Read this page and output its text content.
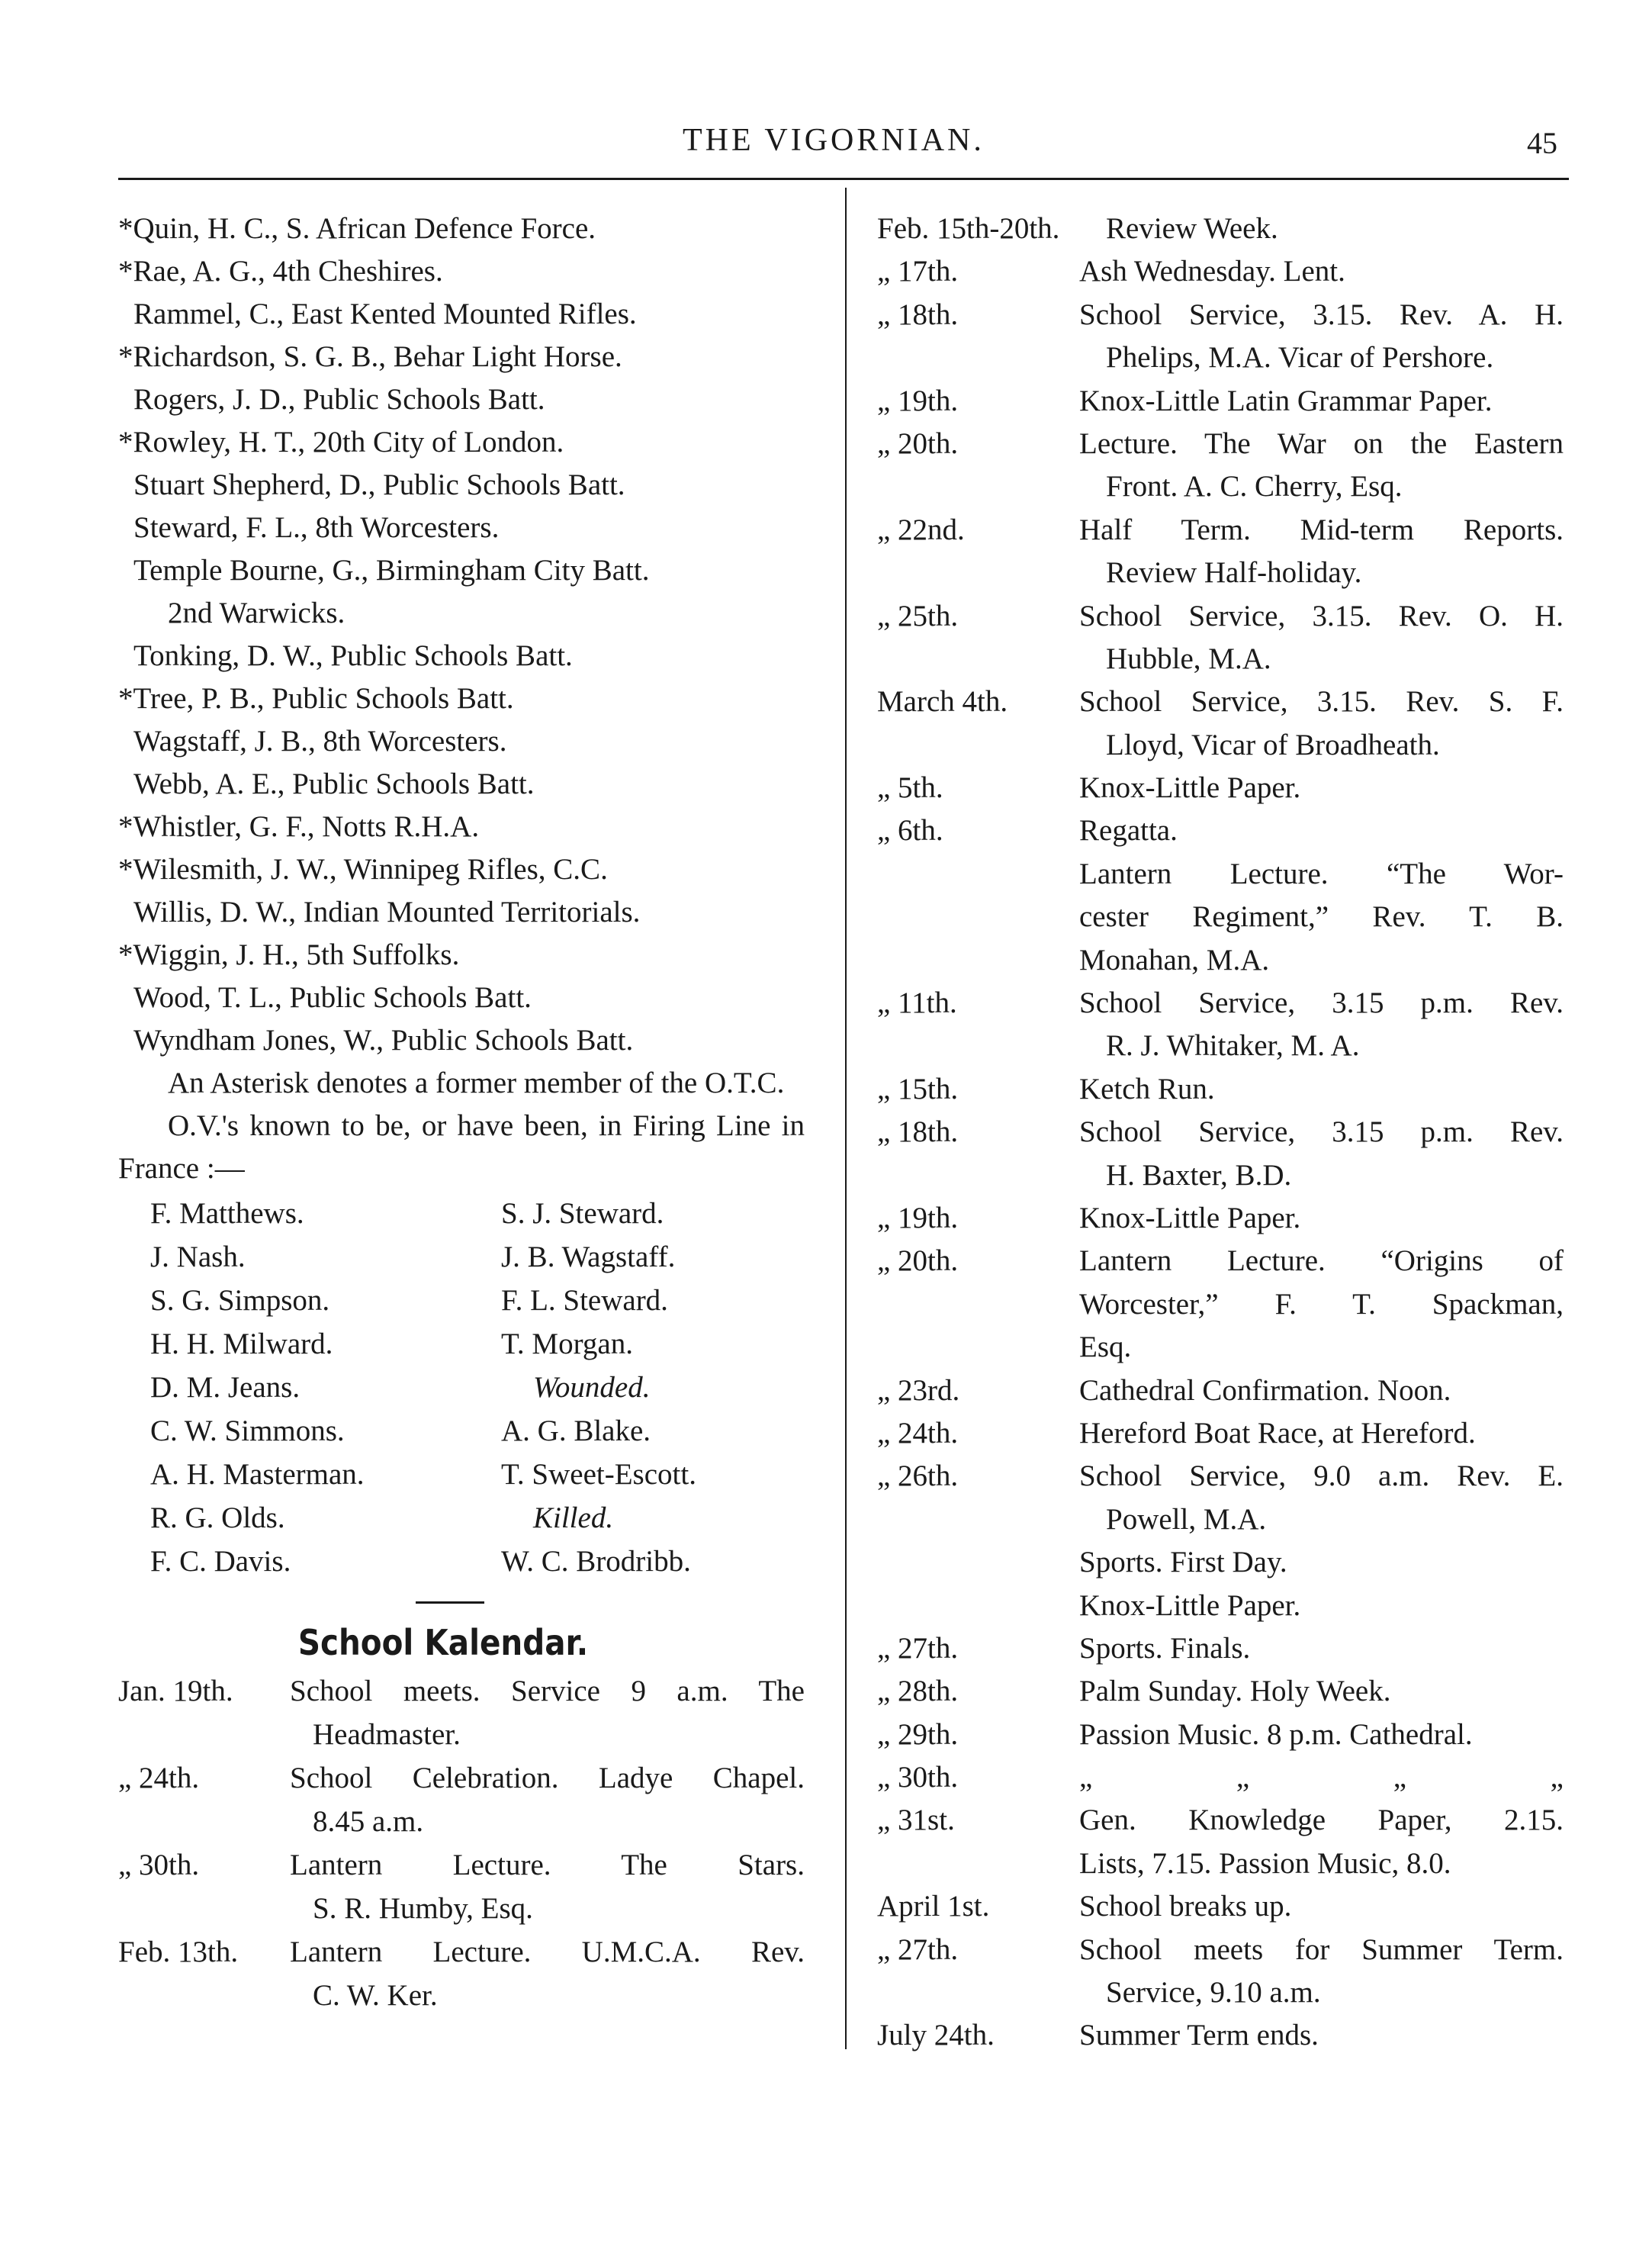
THE VIGORNIAN.	45
*Quin, H. C., S. African Defence Force.
*Rae, A. G., 4th Cheshires.
Rammel, C., East Kented Mounted Rifles.
*Richardson, S. G. B., Behar Light Horse.
Rogers, J. D., Public Schools Batt.
*Rowley, H. T., 20th City of London.
Stuart Shepherd, D., Public Schools Batt.
Steward, F. L., 8th Worcesters.
Temple Bourne, G., Birmingham City Batt.
2nd Warwicks.
Tonking, D. W., Public Schools Batt.
*Tree, P. B., Public Schools Batt.
Wagstaff, J. B., 8th Worcesters.
Webb, A. E., Public Schools Batt.
*Whistler, G. F., Notts R.H.A.
*Wilesmith, J. W., Winnipeg Rifles, C.C.
Willis, D. W., Indian Mounted Territorials.
*Wiggin, J. H., 5th Suffolks.
Wood, T. L., Public Schools Batt.
Wyndham Jones, W., Public Schools Batt.

An Asterisk denotes a former member of the O.T.C.

O.V.'s known to be, or have been, in Firing Line in France :—

F. Matthews.	S. J. Steward.
J. Nash.	J. B. Wagstaff.
S. G. Simpson.	F. L. Steward.
H. H. Milward.	T. Morgan.
D. M. Jeans.	Wounded.
C. W. Simmons.	A. G. Blake.
A. H. Masterman.	T. Sweet-Escott.
R. G. Olds.	Killed.
F. C. Davis.	W. C. Brodribb.
School Kalendar.
Jan. 19th. School meets. Service 9 a.m. The
Headmaster.
„ 24th.	School Celebration. Ladye Chapel.
8.45 a.m.
„ 30th.	Lantern Lecture. The Stars.
S. R. Humby, Esq.
Feb. 13th. Lantern Lecture. U.M.C.A. Rev.
C. W. Ker.
Feb. 15th-20th. Review Week.
„ 17th.	Ash Wednesday. Lent.
„ 18th.	School Service, 3.15. Rev. A. H.
Phelips, M.A. Vicar of Pershore.
„ 19th.	Knox-Little Latin Grammar Paper.
„ 20th.	Lecture. The War on the Eastern
Front. A. C. Cherry, Esq.
„ 22nd.	Half Term. Mid-term Reports.
Review Half-holiday.
„ 25th.	School Service, 3.15. Rev. O. H.
Hubble, M.A.
March 4th.	School Service, 3.15. Rev. S. F.
Lloyd, Vicar of Broadheath.
„ 5th.	Knox-Little Paper.
„ 6th.	Regatta.
Lantern Lecture. “The Wor-
cester Regiment,” Rev. T. B.
Monahan, M.A.
„ 11th.	School Service, 3.15 p.m. Rev.
R. J. Whitaker, M. A.
„ 15th.	Ketch Run.
„ 18th.	School Service, 3.15 p.m. Rev.
H. Baxter, B.D.
„ 19th.	Knox-Little Paper.
„ 20th.	Lantern Lecture. “Origins of
Worcester,” F. T. Spackman,
Esq.
„ 23rd.	Cathedral Confirmation. Noon.
„ 24th.	Hereford Boat Race, at Hereford.
„ 26th.	School Service, 9.0 a.m. Rev. E.
Powell, M.A.
Sports. First Day.
Knox-Little Paper.
„ 27th.	Sports. Finals.
„ 28th.	Palm Sunday. Holy Week.
„ 29th.	Passion Music. 8 p.m. Cathedral.
„ 30th.	„ „ „ „
„ 31st.	Gen. Knowledge Paper, 2.15.
Lists, 7.15. Passion Music, 8.0.
April 1st.	School breaks up.
„ 27th.	School meets for Summer Term.
Service, 9.10 a.m.
July 24th.	Summer Term ends.
